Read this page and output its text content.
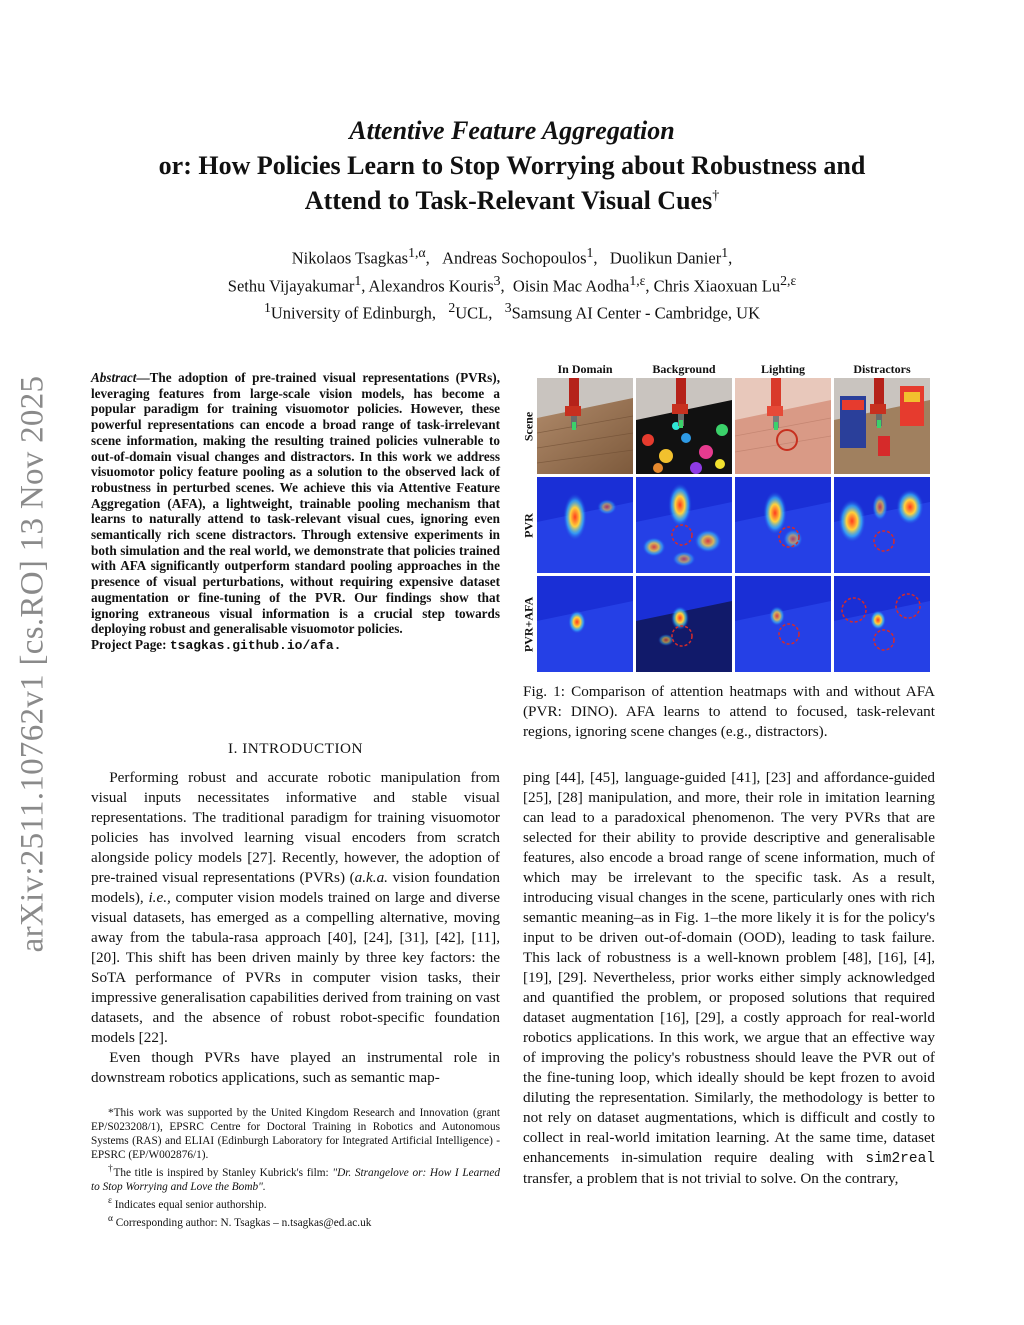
arXiv:2511.10762v1 [cs.RO] 13 Nov 2025
Attentive Feature Aggregation
or: How Policies Learn to Stop Worrying about Robustness and
Attend to Task-Relevant Visual Cues†
Nikolaos Tsagkas$^{1,\alpha}$,   Andreas Sochopoulos$^1$,   Duolikun Danier$^1$,
Sethu Vijayakumar$^1$, Alexandros Kouris$^3$,  Oisin Mac Aodha$^{1,\varepsilon}$, Chris Xiaoxuan $Lu^{2,\varepsilon}$
$^1$University of Edinburgh, $^2$UCL, $^3$Samsung AI Center - Cambridge, UK
Abstract—The adoption of pre-trained visual representations (PVRs), leveraging features from large-scale vision models, has become a popular paradigm for training visuomotor policies. However, these powerful representations can encode a broad range of task-irrelevant scene information, making the resulting trained policies vulnerable to out-of-domain visual changes and distractors. In this work we address visuomotor policy feature pooling as a solution to the observed lack of robustness in perturbed scenes. We achieve this via Attentive Feature Aggregation (AFA), a lightweight, trainable pooling mechanism that learns to naturally attend to task-relevant visual cues, ignoring even semantically rich scene distractors. Through extensive experiments in both simulation and the real world, we demonstrate that policies trained with AFA significantly outperform standard pooling approaches in the presence of visual perturbations, without requiring expensive dataset augmentation or fine-tuning of the PVR. Our findings show that ignoring extraneous visual information is a crucial step towards deploying robust and generalisable visuomotor policies.
Project Page: tsagkas.github.io/afa.
I. INTRODUCTION
Performing robust and accurate robotic manipulation from visual inputs necessitates informative and stable visual representations. The traditional paradigm for training visuomotor policies has involved learning visual encoders from scratch alongside policy models [27]. Recently, however, the adoption of pre-trained visual representations (PVRs) (a.k.a. vision foundation models), i.e., computer vision models trained on large and diverse visual datasets, has emerged as a compelling alternative, moving away from the tabula-rasa approach [40], [24], [31], [42], [11], [20]. This shift has been driven mainly by three key factors: the SoTA performance of PVRs in computer vision tasks, their impressive generalisation capabilities derived from training on vast datasets, and the absence of robust robot-specific foundation models [22].
Even though PVRs have played an instrumental role in downstream robotics applications, such as semantic map-

*This work was supported by the United Kingdom Research and Innovation (grant EP/S023208/1), EPSRC Centre for Doctoral Training in Robotics and Autonomous Systems (RAS) and ELIAI (Edinburgh Laboratory for Integrated Artificial Intelligence) - EPSRC (EP/W002876/1).

†The title is inspired by Stanley Kubrick's film: "Dr. Strangelove or: How I Learned to Stop Worrying and Love the Bomb".

$^\varepsilon$ Indicates equal senior authorship.

$^\alpha$ Corresponding author: N. Tsagkas – n.tsagkas@ed.ac.uk

In Domain	Background	Lighting	Distractors
Scene
PVR
PVR+AFA
Fig. 1: Comparison of attention heatmaps with and without AFA (PVR: DINO). AFA learns to attend to focused, task-relevant regions, ignoring scene changes (e.g., distractors).
ping [44], [45], language-guided [41], [23] and affordance-guided [25], [28] manipulation, and more, their role in imitation learning can lead to a paradoxical phenomenon. The very PVRs that are selected for their ability to provide descriptive and generalisable features, also encode a broad range of scene information, much of which may be irrelevant to the specific task. As a result, introducing visual changes in the scene, particularly ones with rich semantic meaning–as in Fig. 1–the more likely it is for the policy's input to be driven out-of-domain (OOD), leading to task failure. This lack of robustness is a well-known problem [48], [16], [4], [19], [29]. Nevertheless, prior works either simply acknowledged and quantified the problem, or proposed solutions that required dataset augmentation [16], [29], a costly approach for real-world robotics applications. In this work, we argue that an effective way of improving the policy's robustness should leave the PVR out of the fine-tuning loop, which ideally should be kept frozen to avoid diluting the representation. Similarly, the methodology is better to not rely on dataset augmentations, which is difficult and costly to collect in real-world imitation learning. At the same time, dataset enhancements in-simulation require dealing with sim2real transfer, a problem that is not trivial to solve. On the contrary,
